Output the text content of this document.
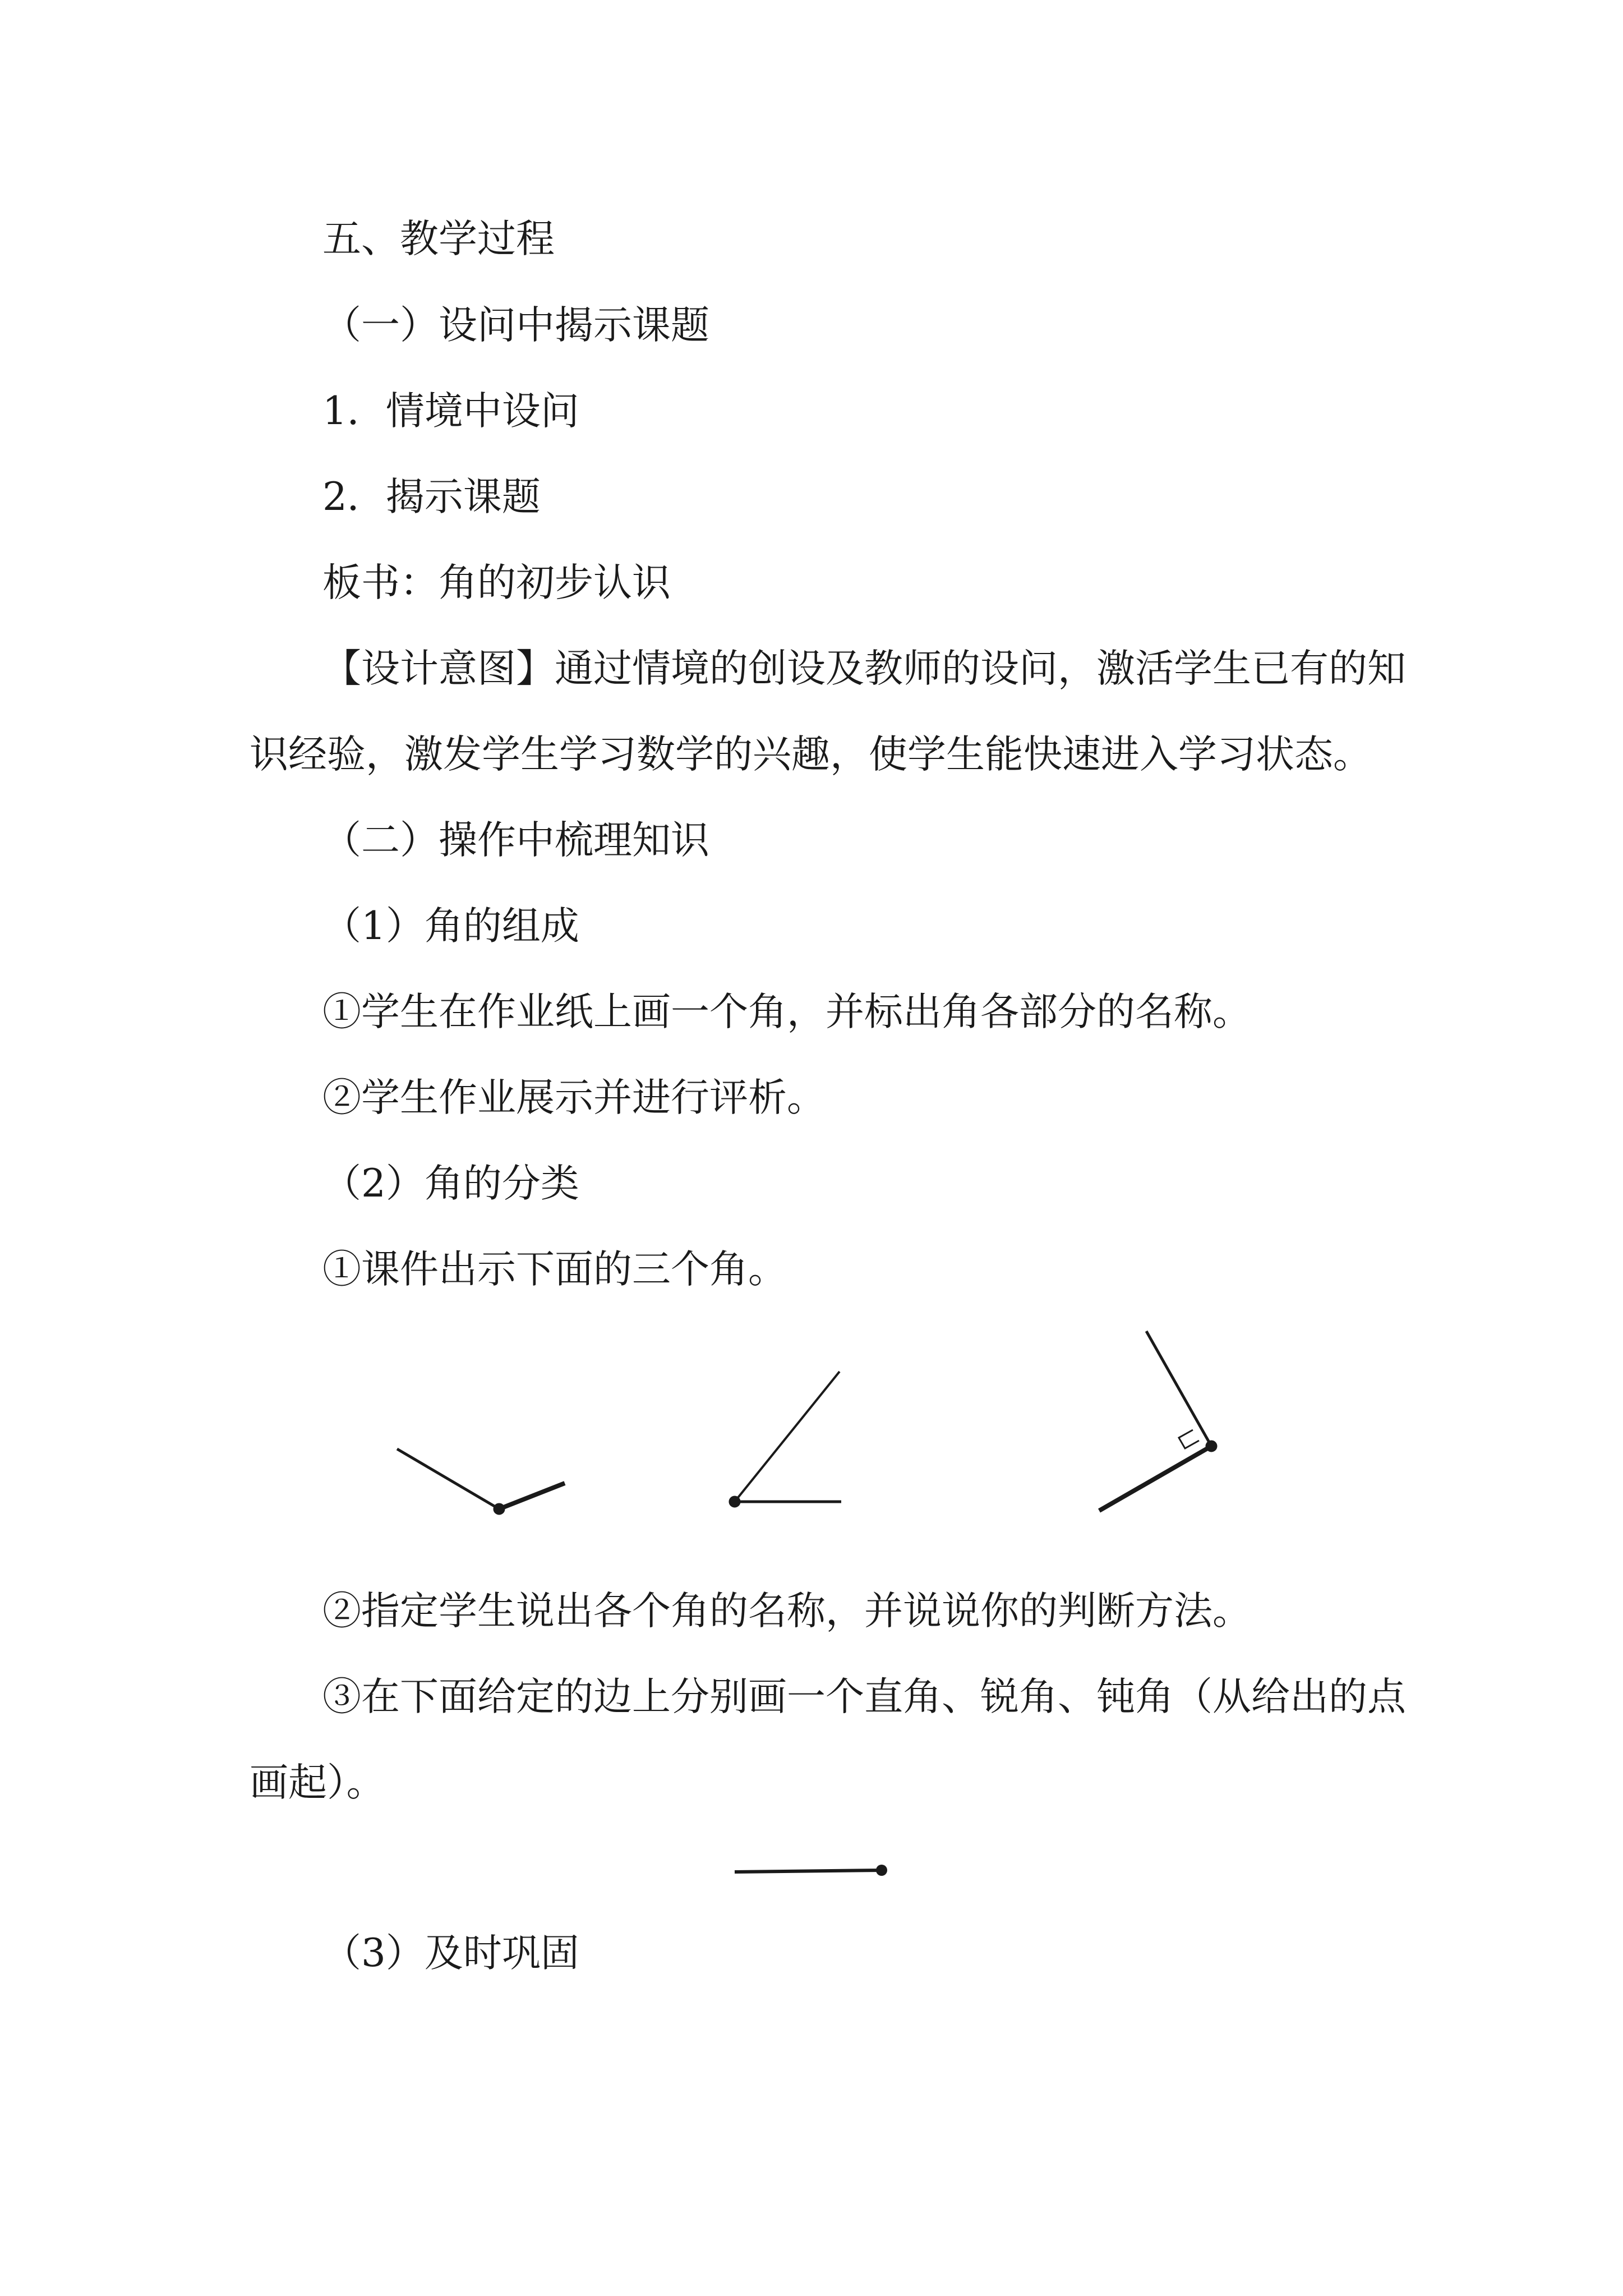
五、教学过程

（一）设问中揭示课题

1．情境中设问

2．揭示课题

板书：角的初步认识

【设计意图】通过情境的创设及教师的设问，激活学生已有的知

识经验，激发学生学习数学的兴趣，使学生能快速进入学习状态。

（二）操作中梳理知识

（1）角的组成

①学生在作业纸上画一个角，并标出角各部分的名称。

②学生作业展示并进行评析。

（2）角的分类

①课件出示下面的三个角。

②指定学生说出各个角的名称，并说说你的判断方法。

③在下面给定的边上分别画一个直角、锐角、钝角（从给出的点

画起）。

（3）及时巩固
